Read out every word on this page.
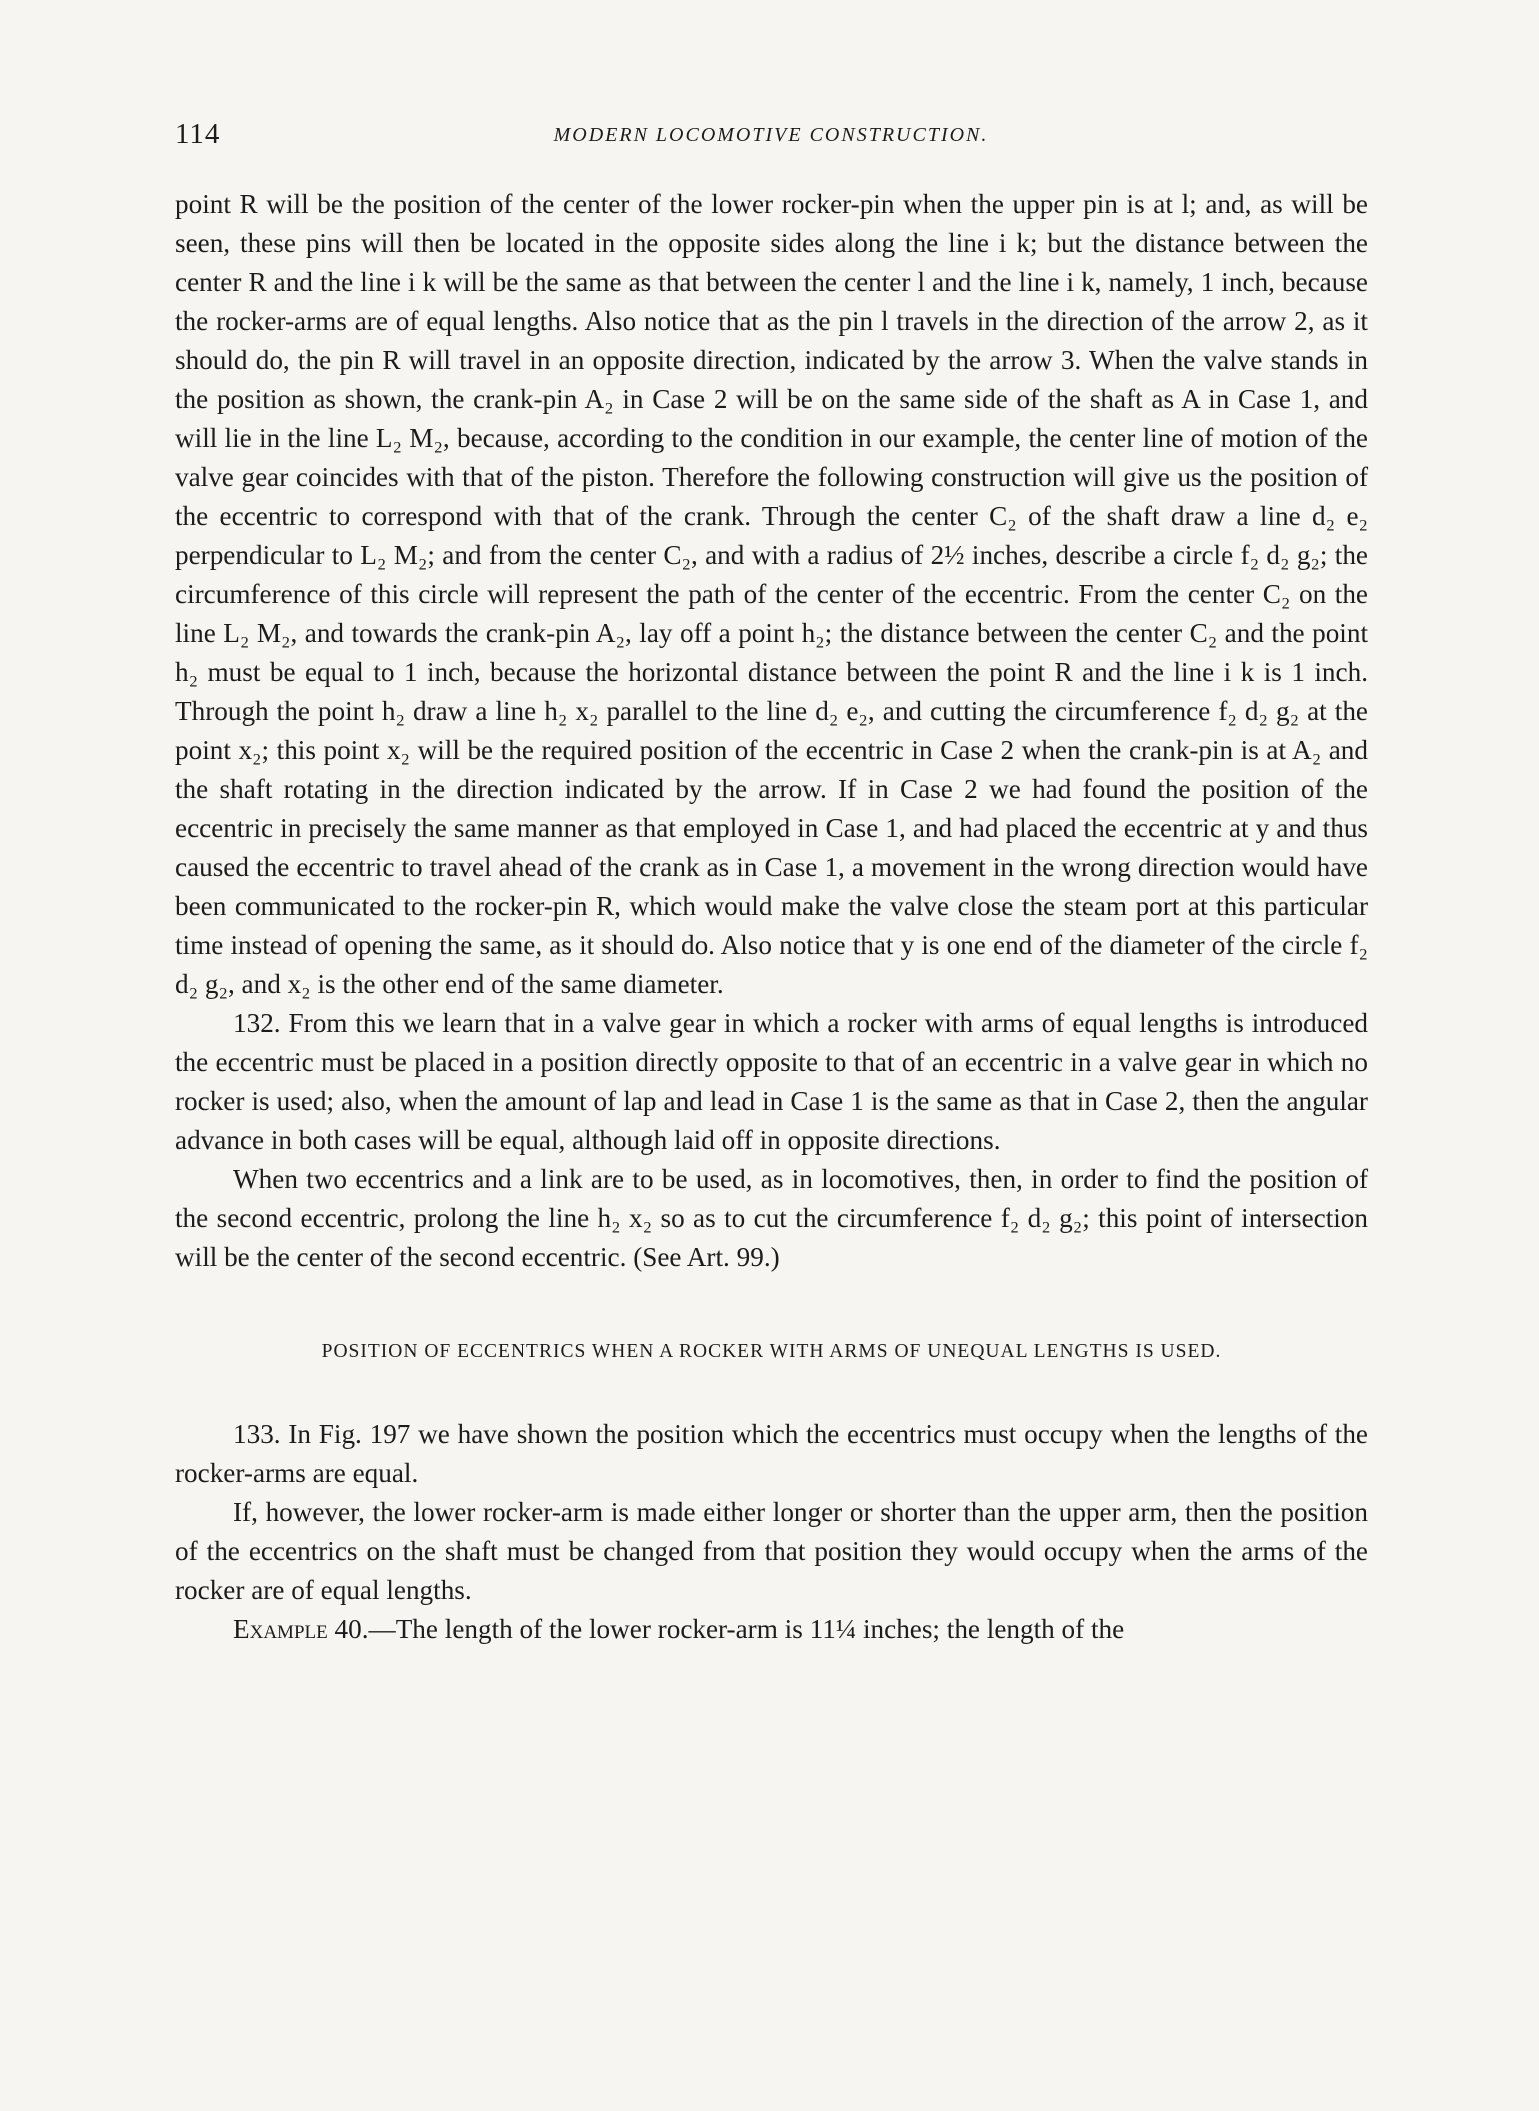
114	MODERN LOCOMOTIVE CONSTRUCTION.

point R will be the position of the center of the lower rocker-pin when the upper pin is at l; and, as will be seen, these pins will then be located in the opposite sides along the line i k; but the distance between the center R and the line i k will be the same as that between the center l and the line i k, namely, 1 inch, because the rocker-arms are of equal lengths. Also notice that as the pin l travels in the direction of the arrow 2, as it should do, the pin R will travel in an opposite direction, indicated by the arrow 3. When the valve stands in the position as shown, the crank-pin A₂ in Case 2 will be on the same side of the shaft as A in Case 1, and will lie in the line L₂ M₂, because, according to the condition in our example, the center line of motion of the valve gear coincides with that of the piston. Therefore the following construction will give us the position of the eccentric to correspond with that of the crank. Through the center C₂ of the shaft draw a line d₂ e₂ perpendicular to L₂ M₂; and from the center C₂, and with a radius of 2½ inches, describe a circle f₂ d₂ g₂; the circumference of this circle will represent the path of the center of the eccentric. From the center C₂ on the line L₂ M₂, and towards the crank-pin A₂, lay off a point h₂; the distance between the center C₂ and the point h₂ must be equal to 1 inch, because the horizontal distance between the point R and the line i k is 1 inch. Through the point h₂ draw a line h₂ x₂ parallel to the line d₂ e₂, and cutting the circumference f₂ d₂ g₂ at the point x₂; this point x₂ will be the required position of the eccentric in Case 2 when the crank-pin is at A₂ and the shaft rotating in the direction indicated by the arrow. If in Case 2 we had found the position of the eccentric in precisely the same manner as that employed in Case 1, and had placed the eccentric at y and thus caused the eccentric to travel ahead of the crank as in Case 1, a movement in the wrong direction would have been communicated to the rocker-pin R, which would make the valve close the steam port at this particular time instead of opening the same, as it should do. Also notice that y is one end of the diameter of the circle f₂ d₂ g₂, and x₂ is the other end of the same diameter.

132. From this we learn that in a valve gear in which a rocker with arms of equal lengths is introduced the eccentric must be placed in a position directly opposite to that of an eccentric in a valve gear in which no rocker is used; also, when the amount of lap and lead in Case 1 is the same as that in Case 2, then the angular advance in both cases will be equal, although laid off in opposite directions.

When two eccentrics and a link are to be used, as in locomotives, then, in order to find the position of the second eccentric, prolong the line h₂ x₂ so as to cut the circumference f₂ d₂ g₂; this point of intersection will be the center of the second eccentric. (See Art. 99.)

POSITION OF ECCENTRICS WHEN A ROCKER WITH ARMS OF UNEQUAL LENGTHS IS USED.

133. In Fig. 197 we have shown the position which the eccentrics must occupy when the lengths of the rocker-arms are equal.

If, however, the lower rocker-arm is made either longer or shorter than the upper arm, then the position of the eccentrics on the shaft must be changed from that position they would occupy when the arms of the rocker are of equal lengths.

Example 40.—The length of the lower rocker-arm is 11¼ inches; the length of the
